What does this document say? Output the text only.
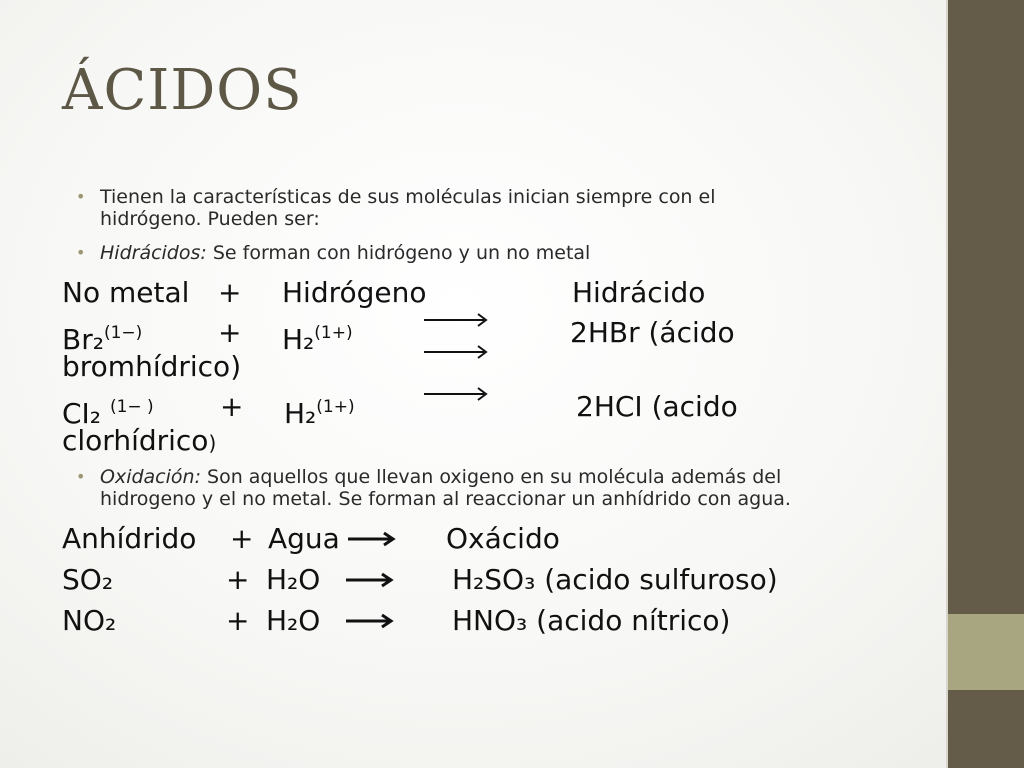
ÁCIDOS
• Tienen la características de sus moléculas inician siempre con el
hidrógeno. Pueden ser:
• Hidrácidos: Se forman con hidrógeno y un no metal
No metal + Hidrógeno	Hidrácido
Br₂$^{(1-)}$	+ H₂$^{(1+)}$	2HBr (ácido
bromhídrico)
CI₂ $^{(1- )}$ + H₂$^{(1+)}$	2HCI (acido
clorhídrico)
• Oxidación: Son aquellos que llevan oxigeno en su molécula además del
hidrogeno y el no metal. Se forman al reaccionar un anhídrido con agua.
Anhídrido + Agua	Oxácido
SO₂	+ H₂O	H₂SO₃ (acido sulfuroso)
NO₂	+ H₂O	HNO₃ (acido nítrico)
